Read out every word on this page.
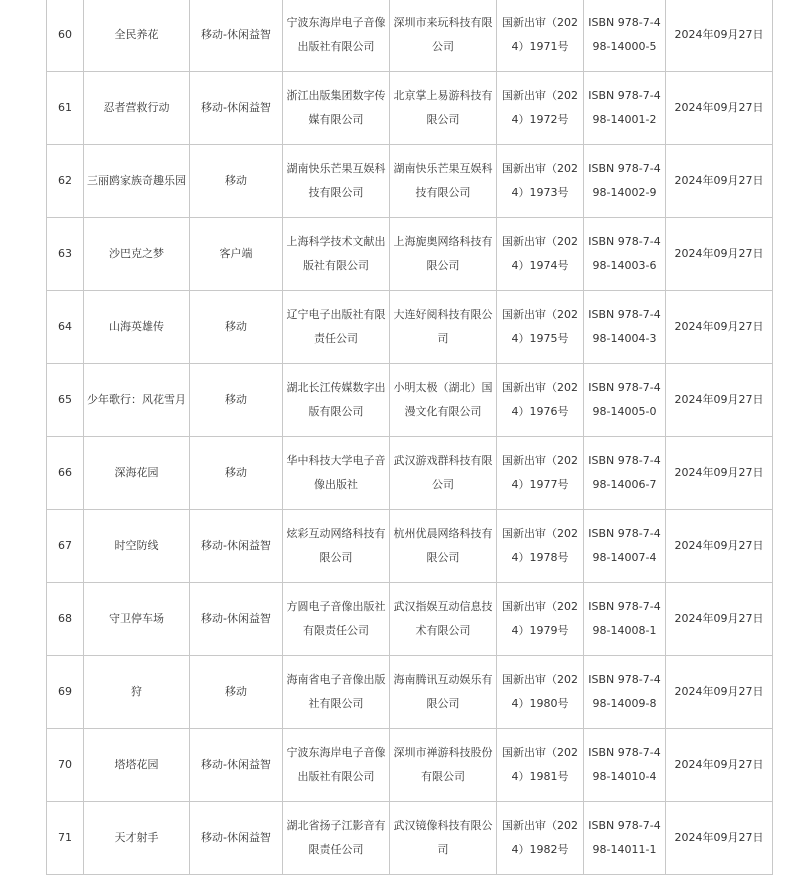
60	全民养花	移动-休闲益智	宁波东海岸电子音像出版社有限公司	深圳市来玩科技有限公司	国新出审（2024）1971号	ISBN 978-7-498-14000-5	2024年09月27日
61	忍者营救行动	移动-休闲益智	浙江出版集团数字传媒有限公司	北京掌上易游科技有限公司	国新出审（2024）1972号	ISBN 978-7-498-14001-2	2024年09月27日
62	三丽鸥家族奇趣乐园	移动	湖南快乐芒果互娱科技有限公司	湖南快乐芒果互娱科技有限公司	国新出审（2024）1973号	ISBN 978-7-498-14002-9	2024年09月27日
63	沙巴克之梦	客户端	上海科学技术文献出版社有限公司	上海旎奥网络科技有限公司	国新出审（2024）1974号	ISBN 978-7-498-14003-6	2024年09月27日
64	山海英雄传	移动	辽宁电子出版社有限责任公司	大连好阅科技有限公司	国新出审（2024）1975号	ISBN 978-7-498-14004-3	2024年09月27日
65	少年歌行：风花雪月	移动	湖北长江传媒数字出版有限公司	小明太极（湖北）国漫文化有限公司	国新出审（2024）1976号	ISBN 978-7-498-14005-0	2024年09月27日
66	深海花园	移动	华中科技大学电子音像出版社	武汉游戏群科技有限公司	国新出审（2024）1977号	ISBN 978-7-498-14006-7	2024年09月27日
67	时空防线	移动-休闲益智	炫彩互动网络科技有限公司	杭州优晨网络科技有限公司	国新出审（2024）1978号	ISBN 978-7-498-14007-4	2024年09月27日
68	守卫停车场	移动-休闲益智	方圆电子音像出版社有限责任公司	武汉指娱互动信息技术有限公司	国新出审（2024）1979号	ISBN 978-7-498-14008-1	2024年09月27日
69	狩	移动	海南省电子音像出版社有限公司	海南腾讯互动娱乐有限公司	国新出审（2024）1980号	ISBN 978-7-498-14009-8	2024年09月27日
70	塔塔花园	移动-休闲益智	宁波东海岸电子音像出版社有限公司	深圳市禅游科技股份有限公司	国新出审（2024）1981号	ISBN 978-7-498-14010-4	2024年09月27日
71	天才射手	移动-休闲益智	湖北省扬子江影音有限责任公司	武汉镜像科技有限公司	国新出审（2024）1982号	ISBN 978-7-498-14011-1	2024年09月27日
